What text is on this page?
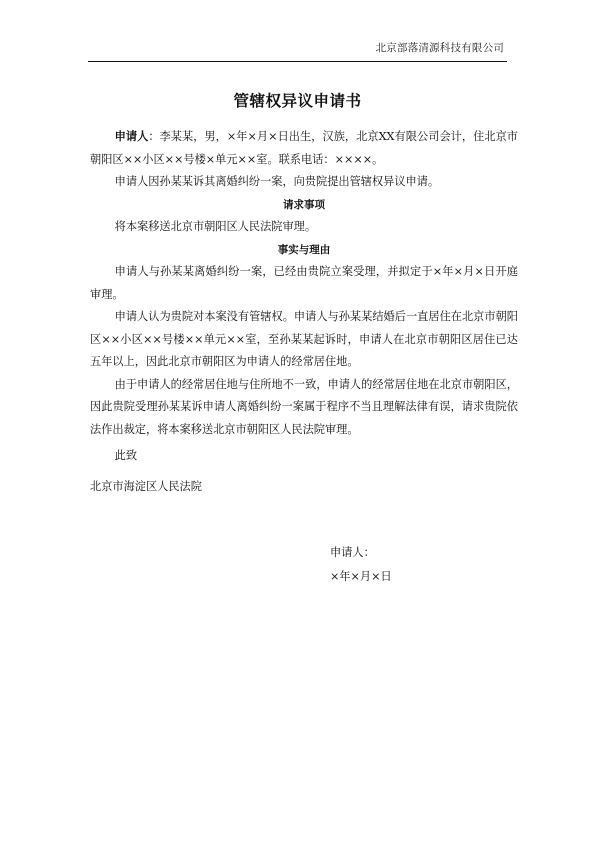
北京部落清源科技有限公司
管辖权异议申请书

申请人：李某某，男，×年×月×日出生，汉族，北京XX有限公司会计，住北京市朝阳区××小区××号楼×单元××室。联系电话：××××。

申请人因孙某某诉其离婚纠纷一案，向贵院提出管辖权异议申请。

请求事项

将本案移送北京市朝阳区人民法院审理。

事实与理由

申请人与孙某某离婚纠纷一案，已经由贵院立案受理，并拟定于×年×月×日开庭审理。

申请人认为贵院对本案没有管辖权。申请人与孙某某结婚后一直居住在北京市朝阳区××小区××号楼××单元××室，至孙某某起诉时，申请人在北京市朝阳区居住已达五年以上，因此北京市朝阳区为申请人的经常居住地。

由于申请人的经常居住地与住所地不一致，申请人的经常居住地在北京市朝阳区，因此贵院受理孙某某诉申请人离婚纠纷一案属于程序不当且理解法律有误，请求贵院依法作出裁定，将本案移送北京市朝阳区人民法院审理。

此致

北京市海淀区人民法院

申请人：
×年×月×日
